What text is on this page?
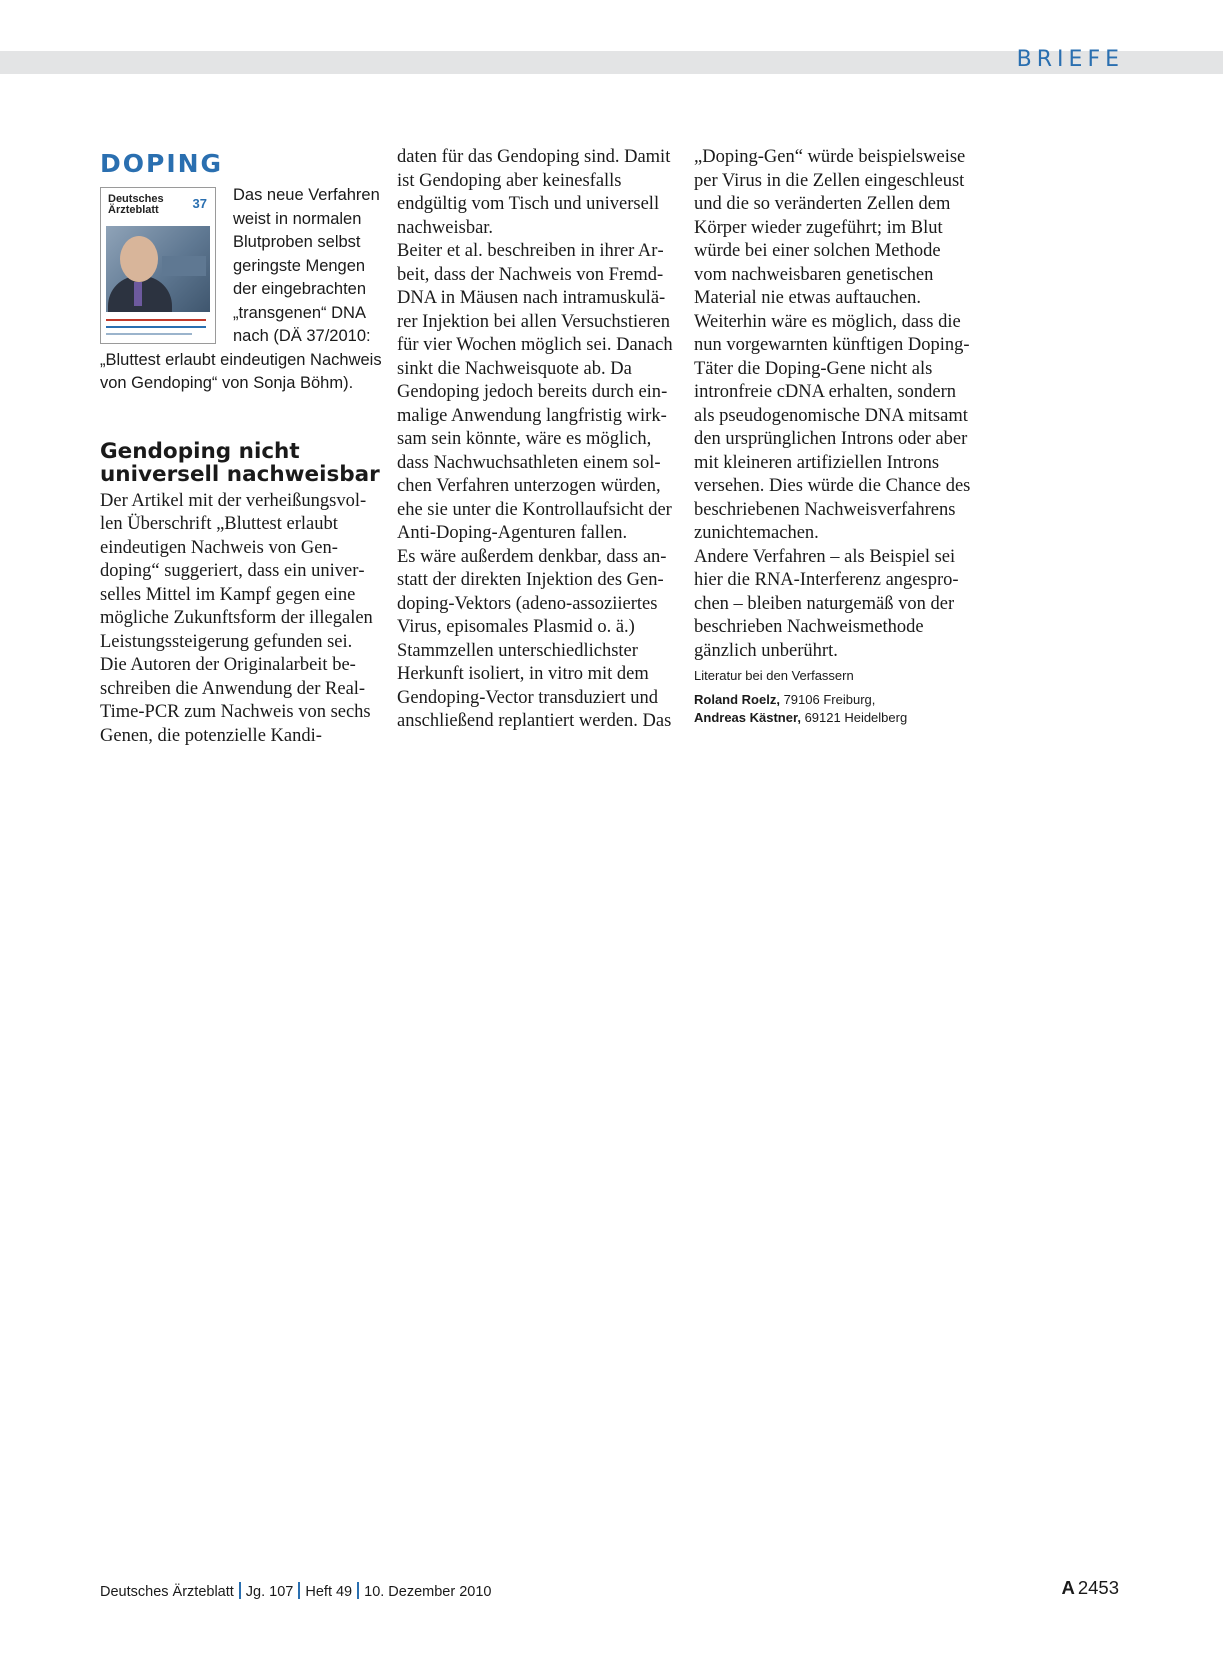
BRIEFE
DOPING
Deutsches Ärzteblatt	37	Das neue Verfahren weist in normalen Blutproben selbst geringste Mengen der eingebrachten „transgenen“ DNA nach (DÄ 37/2010: „Bluttest erlaubt eindeutigen Nachweis von Gendoping“ von Sonja Böhm).

Gendoping nicht universell nachweisbar

Der Artikel mit der verheißungsvollen Überschrift „Bluttest erlaubt eindeutigen Nachweis von Gendoping“ suggeriert, dass ein universelles Mittel im Kampf gegen eine mögliche Zukunftsform der illegalen Leistungssteigerung gefunden sei.
Die Autoren der Originalarbeit beschreiben die Anwendung der Real-Time-PCR zum Nachweis von sechs Genen, die potenzielle Kandi-

daten für das Gendoping sind. Damit ist Gendoping aber keinesfalls endgültig vom Tisch und universell nachweisbar.
Beiter et al. beschreiben in ihrer Arbeit, dass der Nachweis von Fremd-DNA in Mäusen nach intramuskulärer Injektion bei allen Versuchstieren für vier Wochen möglich sei. Danach sinkt die Nachweisquote ab. Da Gendoping jedoch bereits durch einmalige Anwendung langfristig wirksam sein könnte, wäre es möglich, dass Nachwuchsathleten einem solchen Verfahren unterzogen würden, ehe sie unter die Kontrollaufsicht der Anti-Doping-Agenturen fallen.
Es wäre außerdem denkbar, dass anstatt der direkten Injektion des Gendoping-Vektors (adeno-assoziiertes Virus, episomales Plasmid o. ä.) Stammzellen unterschiedlichster Herkunft isoliert, in vitro mit dem Gendoping-Vector transduziert und anschließend replantiert werden. Das

„Doping-Gen“ würde beispielsweise per Virus in die Zellen eingeschleust und die so veränderten Zellen dem Körper wieder zugeführt; im Blut würde bei einer solchen Methode vom nachweisbaren genetischen Material nie etwas auftauchen.
Weiterhin wäre es möglich, dass die nun vorgewarnten künftigen Doping-Täter die Doping-Gene nicht als intronfreie cDNA erhalten, sondern als pseudogenomische DNA mitsamt den ursprünglichen Introns oder aber mit kleineren artifiziellen Introns versehen. Dies würde die Chance des beschriebenen Nachweisverfahrens zunichtemachen.
Andere Verfahren – als Beispiel sei hier die RNA-Interferenz angesprochen – bleiben naturgemäß von der beschrieben Nachweismethode gänzlich unberührt.

Literatur bei den Verfassern

Roland Roelz, 79106 Freiburg,

Andreas Kästner, 69121 Heidelberg

Deutsches Ärzteblatt Jg. 107 Heft 49 10. Dezember 2010	A 2453
